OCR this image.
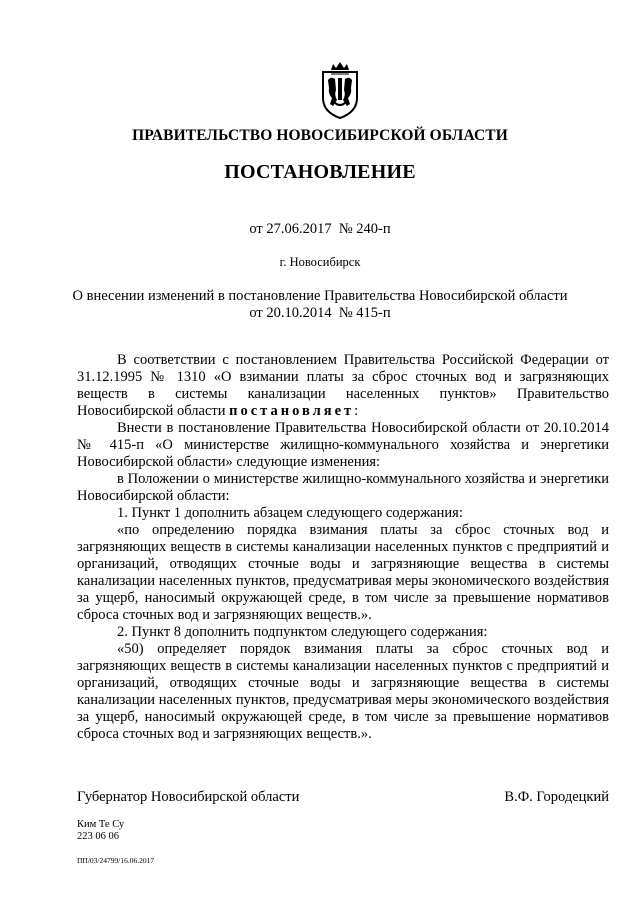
ПРАВИТЕЛЬСТВО НОВОСИБИРСКОЙ ОБЛАСТИ
ПОСТАНОВЛЕНИЕ
от 27.06.2017  № 240-п
г. Новосибирск
О внесении изменений в постановление Правительства Новосибирской области
от 20.10.2014  № 415-п

В соответствии с постановлением Правительства Российской Федерации от 31.12.1995 № 1310 «О взимании платы за сброс сточных вод и загрязняющих веществ в системы канализации населенных пунктов» Правительство Новосибирской области постановляет:

Внести в постановление Правительства Новосибирской области от 20.10.2014 № 415-п «О министерстве жилищно-коммунального хозяйства и энергетики Новосибирской области» следующие изменения:

в Положении о министерстве жилищно-коммунального хозяйства и энергетики Новосибирской области:

1. Пункт 1 дополнить абзацем следующего содержания:

«по определению порядка взимания платы за сброс сточных вод и загрязняющих веществ в системы канализации населенных пунктов с предприятий и организаций, отводящих сточные воды и загрязняющие вещества в системы канализации населенных пунктов, предусматривая меры экономического воздействия за ущерб, наносимый окружающей среде, в том числе за превышение нормативов сброса сточных вод и загрязняющих веществ.».

2. Пункт 8 дополнить подпунктом следующего содержания:

«50) определяет порядок взимания платы за сброс сточных вод и загрязняющих веществ в системы канализации населенных пунктов с предприятий и организаций, отводящих сточные воды и загрязняющие вещества в системы канализации населенных пунктов, предусматривая меры экономического воздействия за ущерб, наносимый окружающей среде, в том числе за превышение нормативов сброса сточных вод и загрязняющих веществ.».

Губернатор Новосибирской области	В.Ф. Городецкий
Ким Те Су
223 06 06
ПП/03/24799/16.06.2017
